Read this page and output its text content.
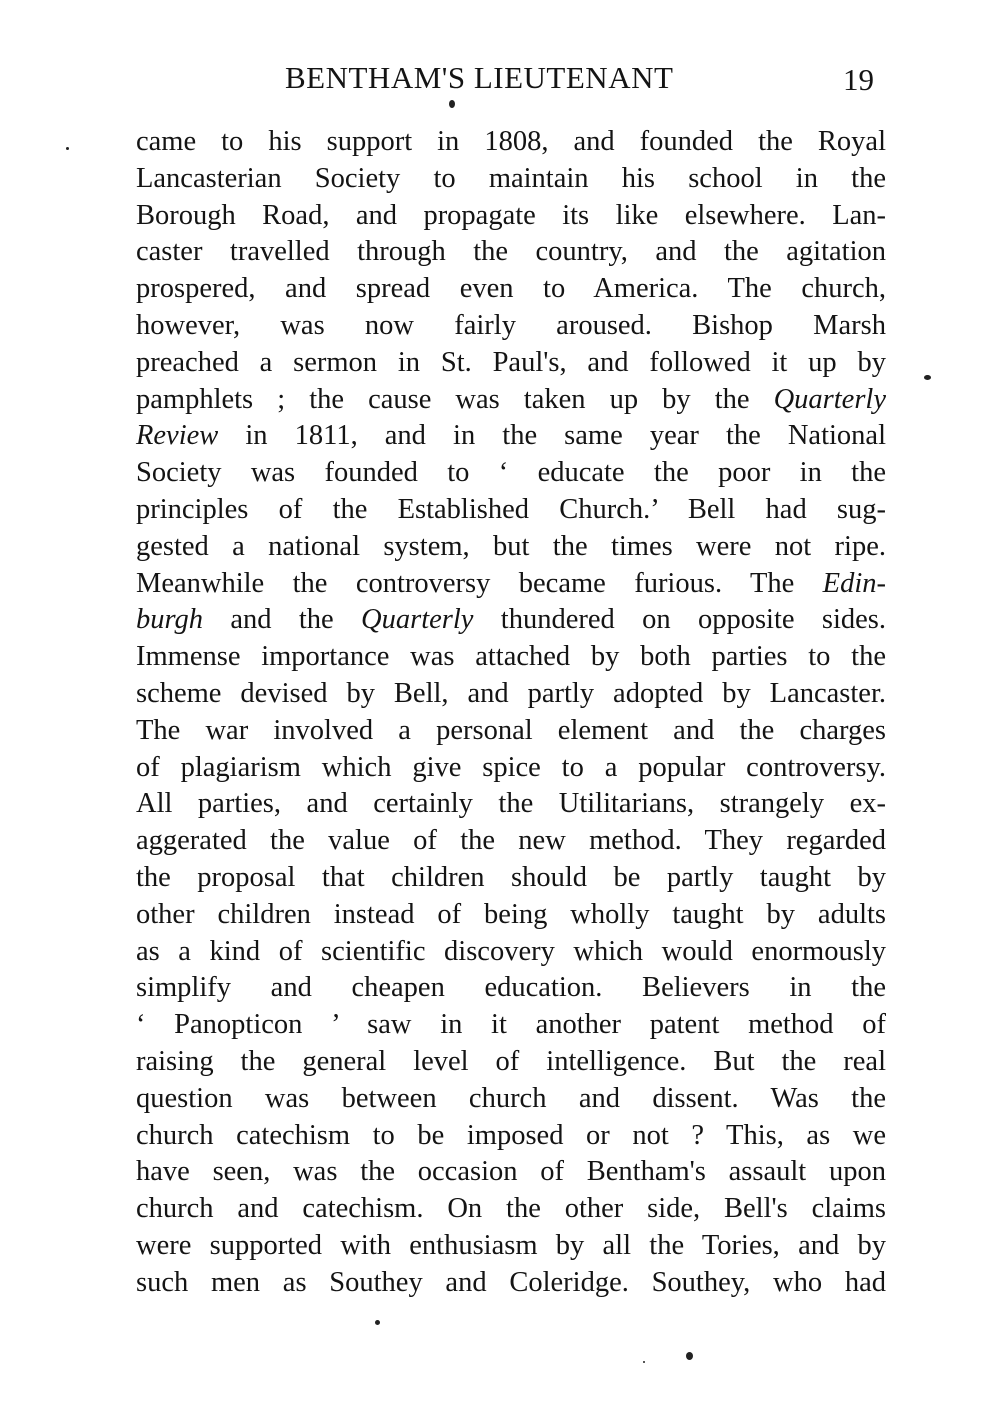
BENTHAM'S LIEUTENANT	19
came to his support in 1808, and founded the Royal
Lancasterian Society to maintain his school in the
Borough Road, and propagate its like elsewhere. Lan-
caster travelled through the country, and the agitation
prospered, and spread even to America. The church,
however, was now fairly aroused. Bishop Marsh
preached a sermon in St. Paul's, and followed it up by
pamphlets ; the cause was taken up by the Quarterly
Review in 1811, and in the same year the National
Society was founded to ‘ educate the poor in the
principles of the Established Church.’ Bell had sug-
gested a national system, but the times were not ripe.
Meanwhile the controversy became furious. The Edin-
burgh and the Quarterly thundered on opposite sides.
Immense importance was attached by both parties to the
scheme devised by Bell, and partly adopted by Lancaster.
The war involved a personal element and the charges
of plagiarism which give spice to a popular controversy.
All parties, and certainly the Utilitarians, strangely ex-
aggerated the value of the new method. They regarded
the proposal that children should be partly taught by
other children instead of being wholly taught by adults
as a kind of scientific discovery which would enormously
simplify and cheapen education. Believers in the
‘ Panopticon ’ saw in it another patent method of
raising the general level of intelligence. But the real
question was between church and dissent. Was the
church catechism to be imposed or not ? This, as we
have seen, was the occasion of Bentham's assault upon
church and catechism. On the other side, Bell's claims
were supported with enthusiasm by all the Tories, and by
such men as Southey and Coleridge. Southey, who had
